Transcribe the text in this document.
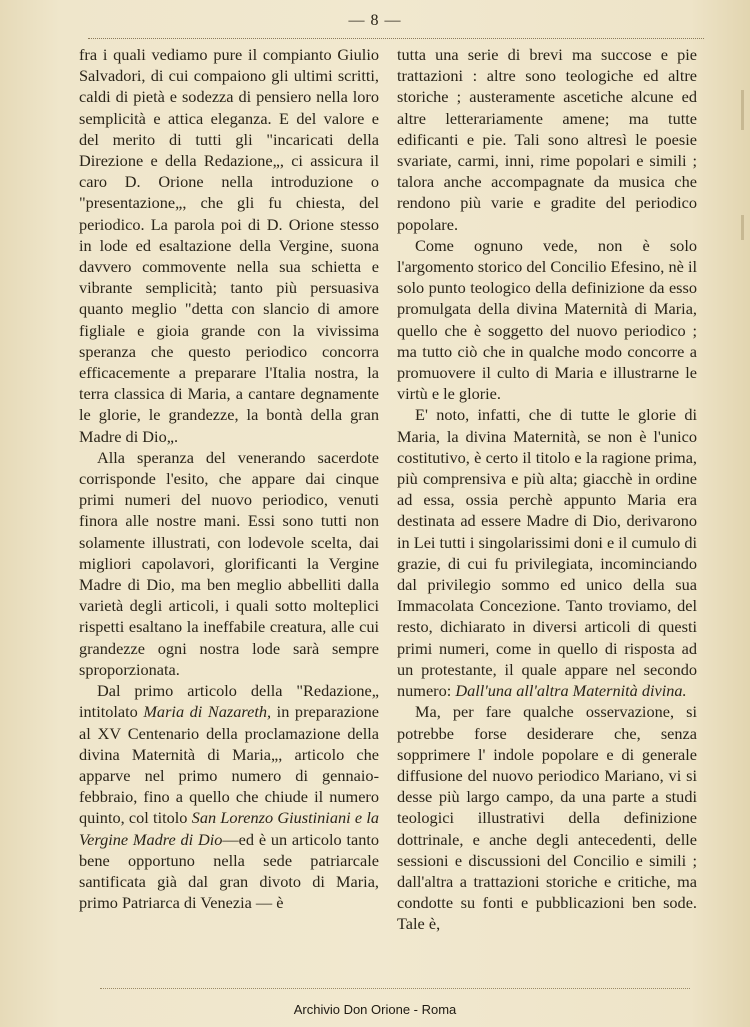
— 8 —

fra i quali vediamo pure il compianto Giulio Salvadori, di cui compaiono gli ultimi scritti, caldi di pietà e sodezza di pensiero nella loro semplicità e attica eleganza. E del valore e del merito di tutti gli "incaricati della Direzione e della Redazione„, ci assicura il caro D. Orione nella introduzione o "presentazione„, che gli fu chiesta, del periodico. La parola poi di D. Orione stesso in lode ed esaltazione della Vergine, suona davvero commovente nella sua schietta e vibrante semplicità; tanto più persuasiva quanto meglio "detta con slancio di amore figliale e gioia grande con la vivissima speranza che questo periodico concorra efficacemente a preparare l'Italia nostra, la terra classica di Maria, a cantare degnamente le glorie, le grandezze, la bontà della gran Madre di Dio„.

Alla speranza del venerando sacerdote corrisponde l'esito, che appare dai cinque primi numeri del nuovo periodico, venuti finora alle nostre mani. Essi sono tutti non solamente illustrati, con lodevole scelta, dai migliori capolavori, glorificanti la Vergine Madre di Dio, ma ben meglio abbelliti dalla varietà degli articoli, i quali sotto molteplici rispetti esaltano la ineffabile creatura, alle cui grandezze ogni nostra lode sarà sempre sproporzionata.

Dal primo articolo della "Redazione„ intitolato Maria di Nazareth, in preparazione al XV Centenario della proclamazione della divina Maternità di Maria„, articolo che apparve nel primo numero di gennaio-febbraio, fino a quello che chiude il numero quinto, col titolo San Lorenzo Giustiniani e la Vergine Madre di Dio—ed è un articolo tanto bene opportuno nella sede patriarcale santificata già dal gran divoto di Maria, primo Patriarca di Venezia — è

tutta una serie di brevi ma succose e pie trattazioni : altre sono teologiche ed altre storiche ; austeramente ascetiche alcune ed altre letterariamente amene; ma tutte edificanti e pie. Tali sono altresì le poesie svariate, carmi, inni, rime popolari e simili ; talora anche accompagnate da musica che rendono più varie e gradite del periodico popolare.

Come ognuno vede, non è solo l'argomento storico del Concilio Efesino, nè il solo punto teologico della definizione da esso promulgata della divina Maternità di Maria, quello che è soggetto del nuovo periodico ; ma tutto ciò che in qualche modo concorre a promuovere il culto di Maria e illustrarne le virtù e le glorie.

E' noto, infatti, che di tutte le glorie di Maria, la divina Maternità, se non è l'unico costitutivo, è certo il titolo e la ragione prima, più comprensiva e più alta; giacchè in ordine ad essa, ossia perchè appunto Maria era destinata ad essere Madre di Dio, derivarono in Lei tutti i singolarissimi doni e il cumulo di grazie, di cui fu privilegiata, incominciando dal privilegio sommo ed unico della sua Immacolata Concezione. Tanto troviamo, del resto, dichiarato in diversi articoli di questi primi numeri, come in quello di risposta ad un protestante, il quale appare nel secondo numero: Dall'una all'altra Maternità divina.

Ma, per fare qualche osservazione, si potrebbe forse desiderare che, senza sopprimere l' indole popolare e di generale diffusione del nuovo periodico Mariano, vi si desse più largo campo, da una parte a studi teologici illustrativi della definizione dottrinale, e anche degli antecedenti, delle sessioni e discussioni del Concilio e simili ; dall'altra a trattazioni storiche e critiche, ma condotte su fonti e pubblicazioni ben sode. Tale è,

Archivio Don Orione - Roma
